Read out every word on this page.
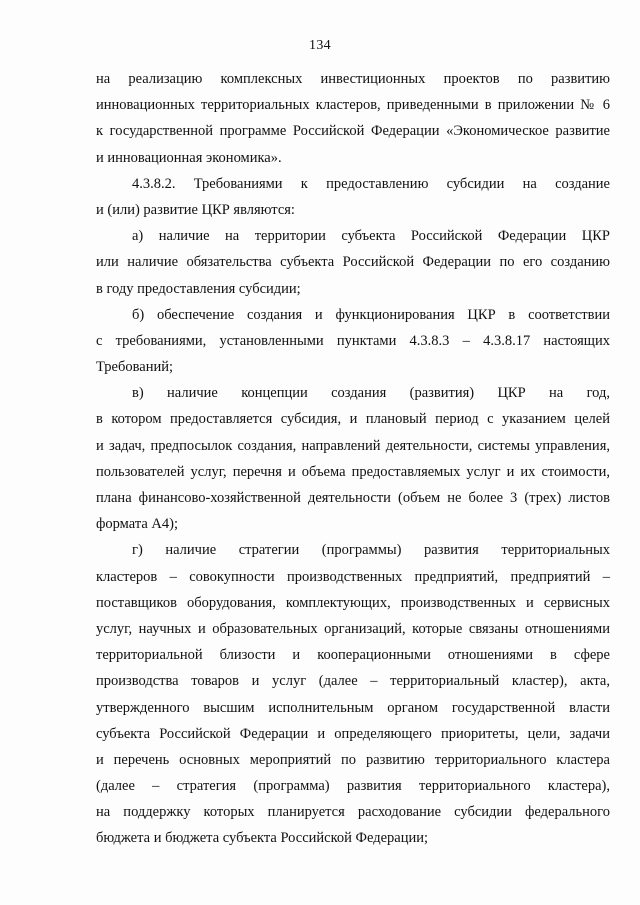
134
на реализацию комплексных инвестиционных проектов по развитию
инновационных территориальных кластеров, приведенными в приложении № 6
к государственной программе Российской Федерации «Экономическое развитие
и инновационная экономика».
4.3.8.2. Требованиями к предоставлению субсидии на создание
и (или) развитие ЦКР являются:
а) наличие на территории субъекта Российской Федерации ЦКР
или наличие обязательства субъекта Российской Федерации по его созданию
в году предоставления субсидии;
б) обеспечение создания и функционирования ЦКР в соответствии
с требованиями, установленными пунктами 4.3.8.3 – 4.3.8.17 настоящих
Требований;
в) наличие концепции создания (развития) ЦКР на год,
в котором предоставляется субсидия, и плановый период с указанием целей
и задач, предпосылок создания, направлений деятельности, системы управления,
пользователей услуг, перечня и объема предоставляемых услуг и их стоимости,
плана финансово-хозяйственной деятельности (объем не более 3 (трех) листов
формата А4);
г) наличие стратегии (программы) развития территориальных
кластеров – совокупности производственных предприятий, предприятий –
поставщиков оборудования, комплектующих, производственных и сервисных
услуг, научных и образовательных организаций, которые связаны отношениями
территориальной близости и кооперационными отношениями в сфере
производства товаров и услуг (далее – территориальный кластер), акта,
утвержденного высшим исполнительным органом государственной власти
субъекта Российской Федерации и определяющего приоритеты, цели, задачи
и перечень основных мероприятий по развитию территориального кластера
(далее – стратегия (программа) развития территориального кластера),
на поддержку которых планируется расходование субсидии федерального
бюджета и бюджета субъекта Российской Федерации;
